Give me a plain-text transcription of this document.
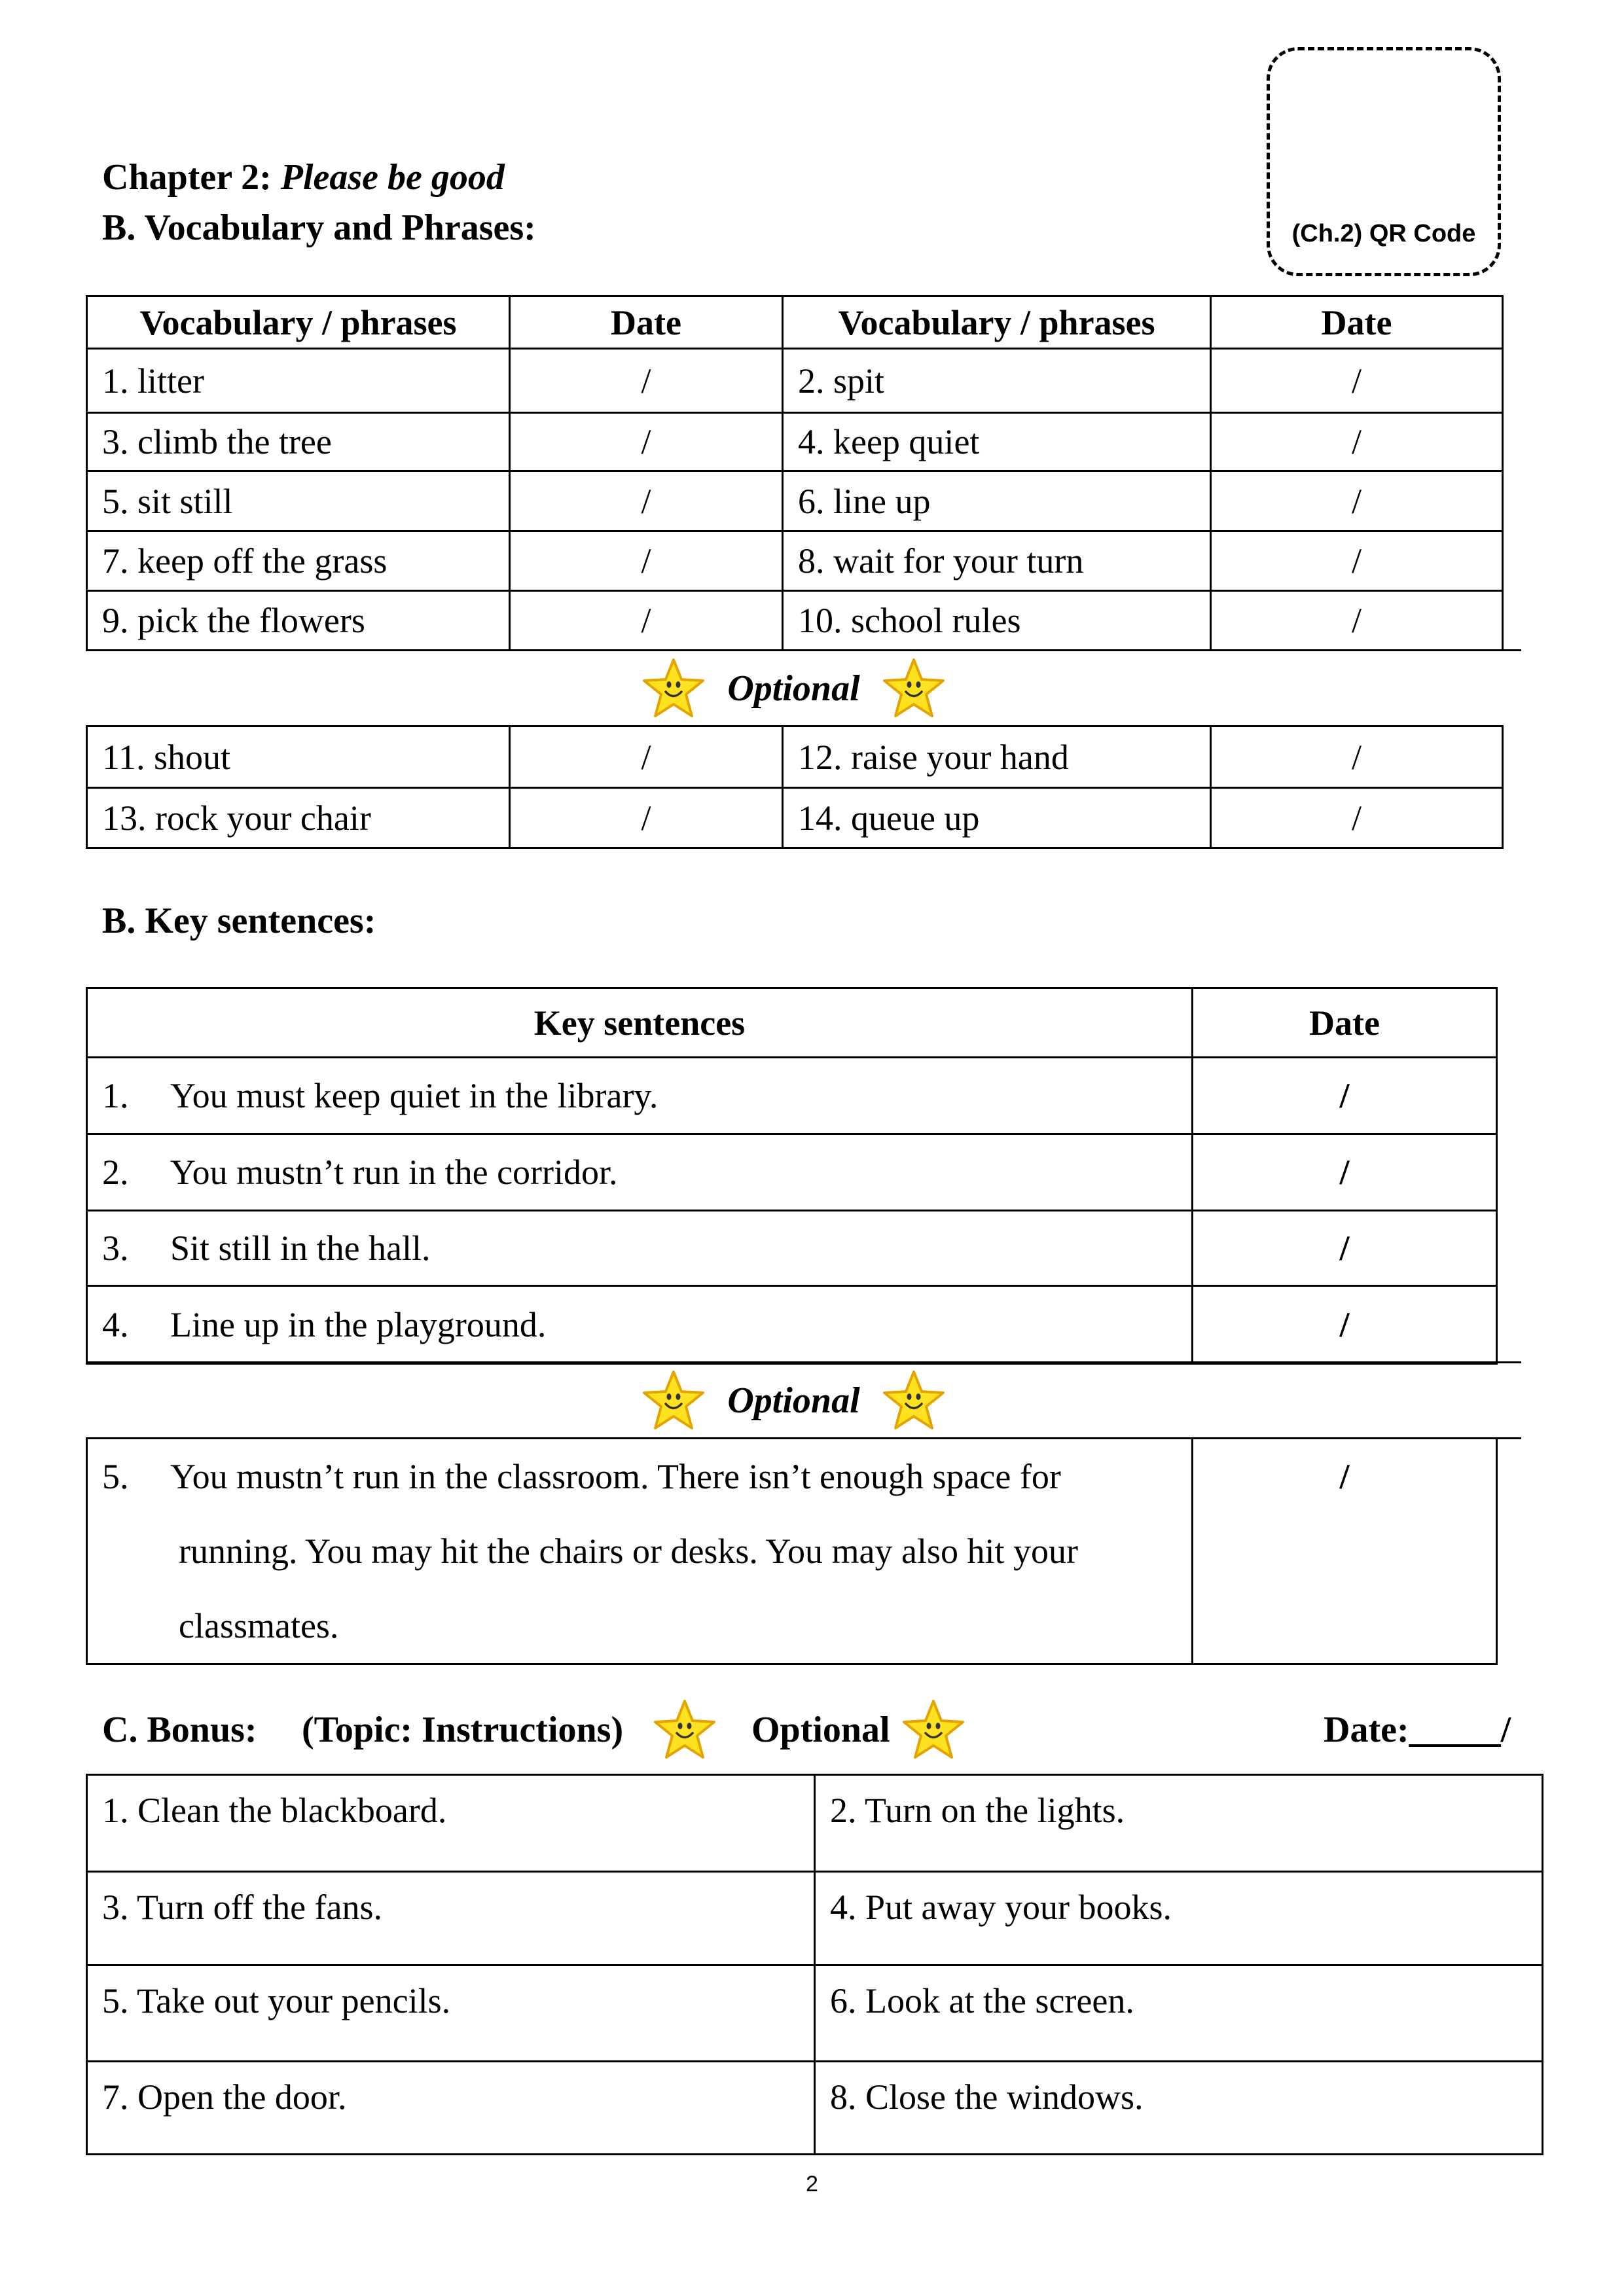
(Ch.2) QR Code
Chapter 2: Please be good
B. Vocabulary and Phrases:
Vocabulary / phrases	Date	Vocabulary / phrases	Date
1. litter	/	2. spit	/
3. climb the tree	/	4. keep quiet	/
5. sit still	/	6. line up	/
7. keep off the grass	/	8. wait for your turn	/
9. pick the flowers	/	10. school rules	/
Optional
11. shout	/	12. raise your hand	/
13. rock your chair	/	14. queue up	/
B. Key sentences:
Key sentences	Date
1. You must keep quiet in the library.	/
2. You mustn’t run in the corridor.	/
3. Sit still in the hall.	/
4. Line up in the playground.	/
Optional
5. You mustn’t run in the classroom. There isn’t enough space for
running. You may hit the chairs or desks. You may also hit your
classmates.
	/
C. Bonus: (Topic: Instructions)	Optional	Date:_____/
1. Clean the blackboard.	2. Turn on the lights.
3. Turn off the fans.	4. Put away your books.
5. Take out your pencils.	6. Look at the screen.
7. Open the door.	8. Close the windows.
2
